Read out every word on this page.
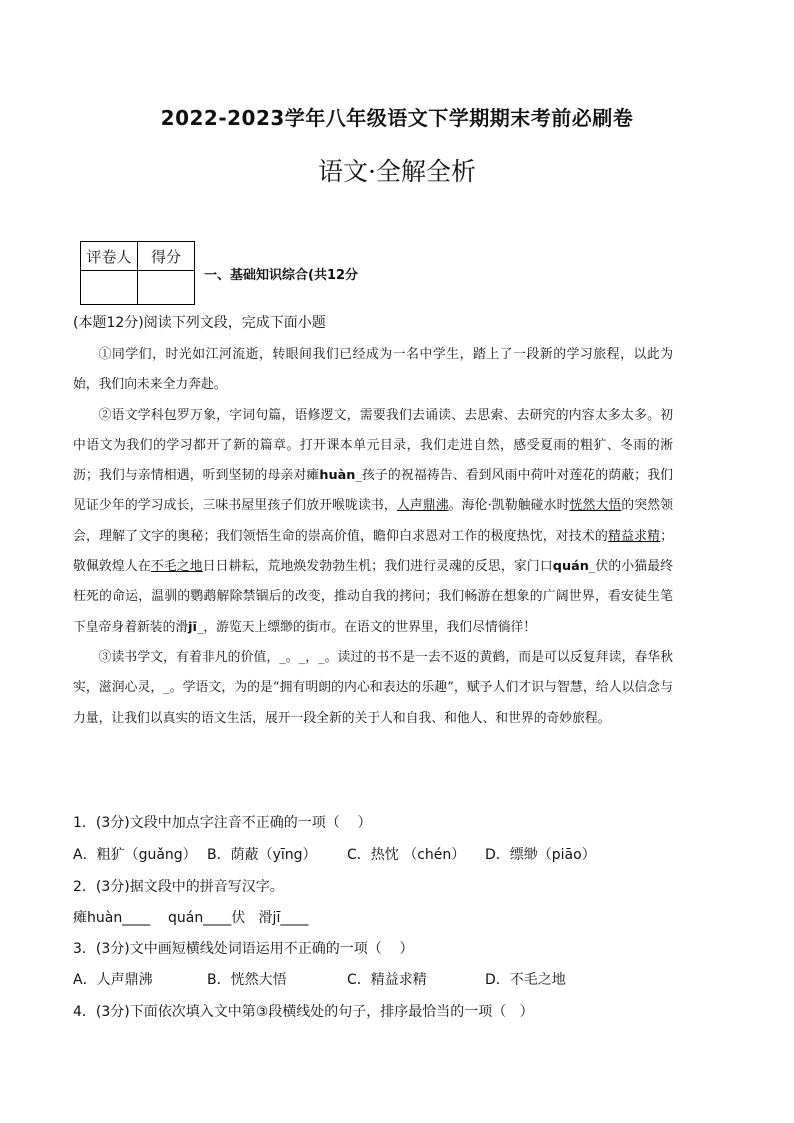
2022-2023学年八年级语文下学期期末考前必刷卷
语文·全解全析
评卷人	得分

一、基础知识综合(共12分
(本题12分)阅读下列文段，完成下面小题

①同学们，时光如江河流逝，转眼间我们已经成为一名中学生，踏上了一段新的学习旅程，以此为始，我们向未来全力奔赴。

②语文学科包罗万象，字词句篇，语修逻文，需要我们去诵读、去思索、去研究的内容太多太多。初中语文为我们的学习都开了新的篇章。打开课本单元目录，我们走进自然，感受夏雨的粗犷、冬雨的淅沥；我们与亲情相遇，听到坚韧的母亲对瘫huàn_孩子的祝福祷告、看到风雨中荷叶对莲花的荫蔽；我们见证少年的学习成长，三味书屋里孩子们放开喉咙读书，人声鼎沸。海伦·凯勒触碰水时恍然大悟的突然领会，理解了文字的奥秘；我们领悟生命的崇高价值，瞻仰白求恩对工作的极度热忱，对技术的精益求精；敬佩敦煌人在不毛之地日日耕耘，荒地焕发勃勃生机；我们进行灵魂的反思，家门口quán_伏的小猫最终枉死的命运，温驯的鹦鹉解除禁锢后的改变，推动自我的拷问；我们畅游在想象的广阔世界，看安徒生笔下皇帝身着新装的滑jī_，游览天上缥缈的街市。在语文的世界里，我们尽情徜徉！

③读书学文，有着非凡的价值，_。_，_。读过的书不是一去不返的黄鹤，而是可以反复拜读，春华秋实，滋润心灵，_。学语文，为的是“拥有明朗的内心和表达的乐趣”，赋予人们才识与智慧，给人以信念与力量，让我们以真实的语文生活，展开一段全新的关于人和自我、和他人、和世界的奇妙旅程。

1．(3分)文段中加点字注音不正确的一项（    ）
A．粗犷（guǎng） B．荫蔽（yīng） C．热忱 （chén） D．缥缈（piāo）
2．(3分)据文段中的拼音写汉字。
瘫huàn____    quán____伏   滑jī____
3．(3分)文中画短横线处词语运用不正确的一项（    ）
A．人声鼎沸	B．恍然大悟	C．精益求精	D．不毛之地
4．(3分)下面依次填入文中第③段横线处的句子，排序最恰当的一项（   ）
